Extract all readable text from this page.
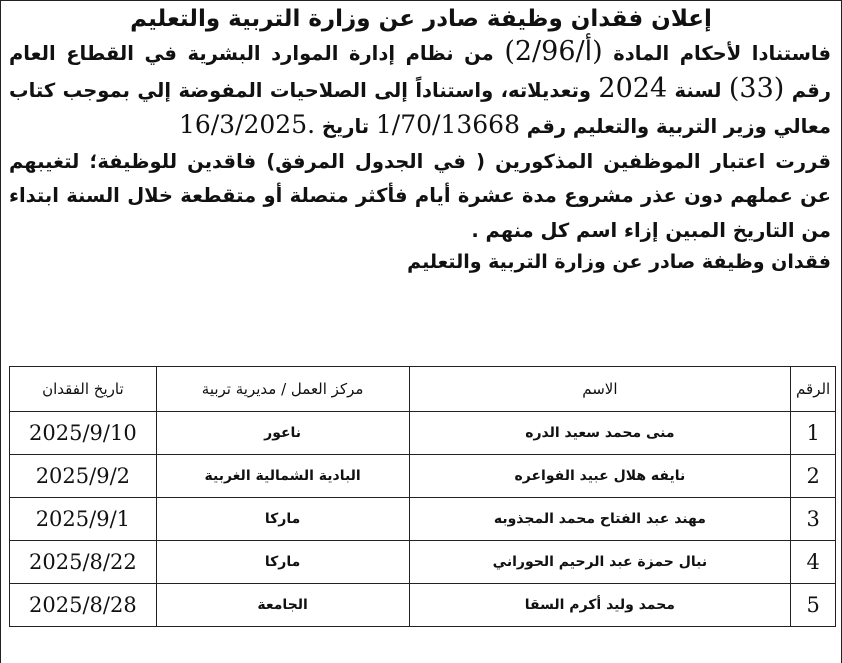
إعلان فقدان وظيفة صادر عن وزارة التربية والتعليم

فاستنادا لأحكام المادة (2/أ/96) من نظام إدارة الموارد البشرية في القطاع العام رقم (33) لسنة 2024 وتعديلاته، واستناداً إلى الصلاحيات المفوضة إلي بموجب كتاب معالي وزير التربية والتعليم رقم 1/70/13668 تاريخ 16/3/2025.

قررت اعتبار الموظفين المذكورين ( في الجدول المرفق) فاقدين للوظيفة؛ لتغيبهم عن عملهم دون عذر مشروع مدة عشرة أيام فأكثر متصلة أو متقطعة خلال السنة ابتداء من التاريخ المبين إزاء اسم كل منهم .

فقدان وظيفة صادر عن وزارة التربية والتعليم

الرقم	الاسم	مركز العمل / مديرية تربية	تاريخ الفقدان
1	منى محمد سعيد الدره	ناعور	2025/9/10
2	نايفه هلال عبيد الفواعره	البادية الشمالية الغربية	2025/9/2
3	مهند عبد الفتاح محمد المجذوبه	ماركا	2025/9/1
4	نبال حمزة عبد الرحيم الحوراني	ماركا	2025/8/22
5	محمد وليد أكرم السقا	الجامعة	2025/8/28
